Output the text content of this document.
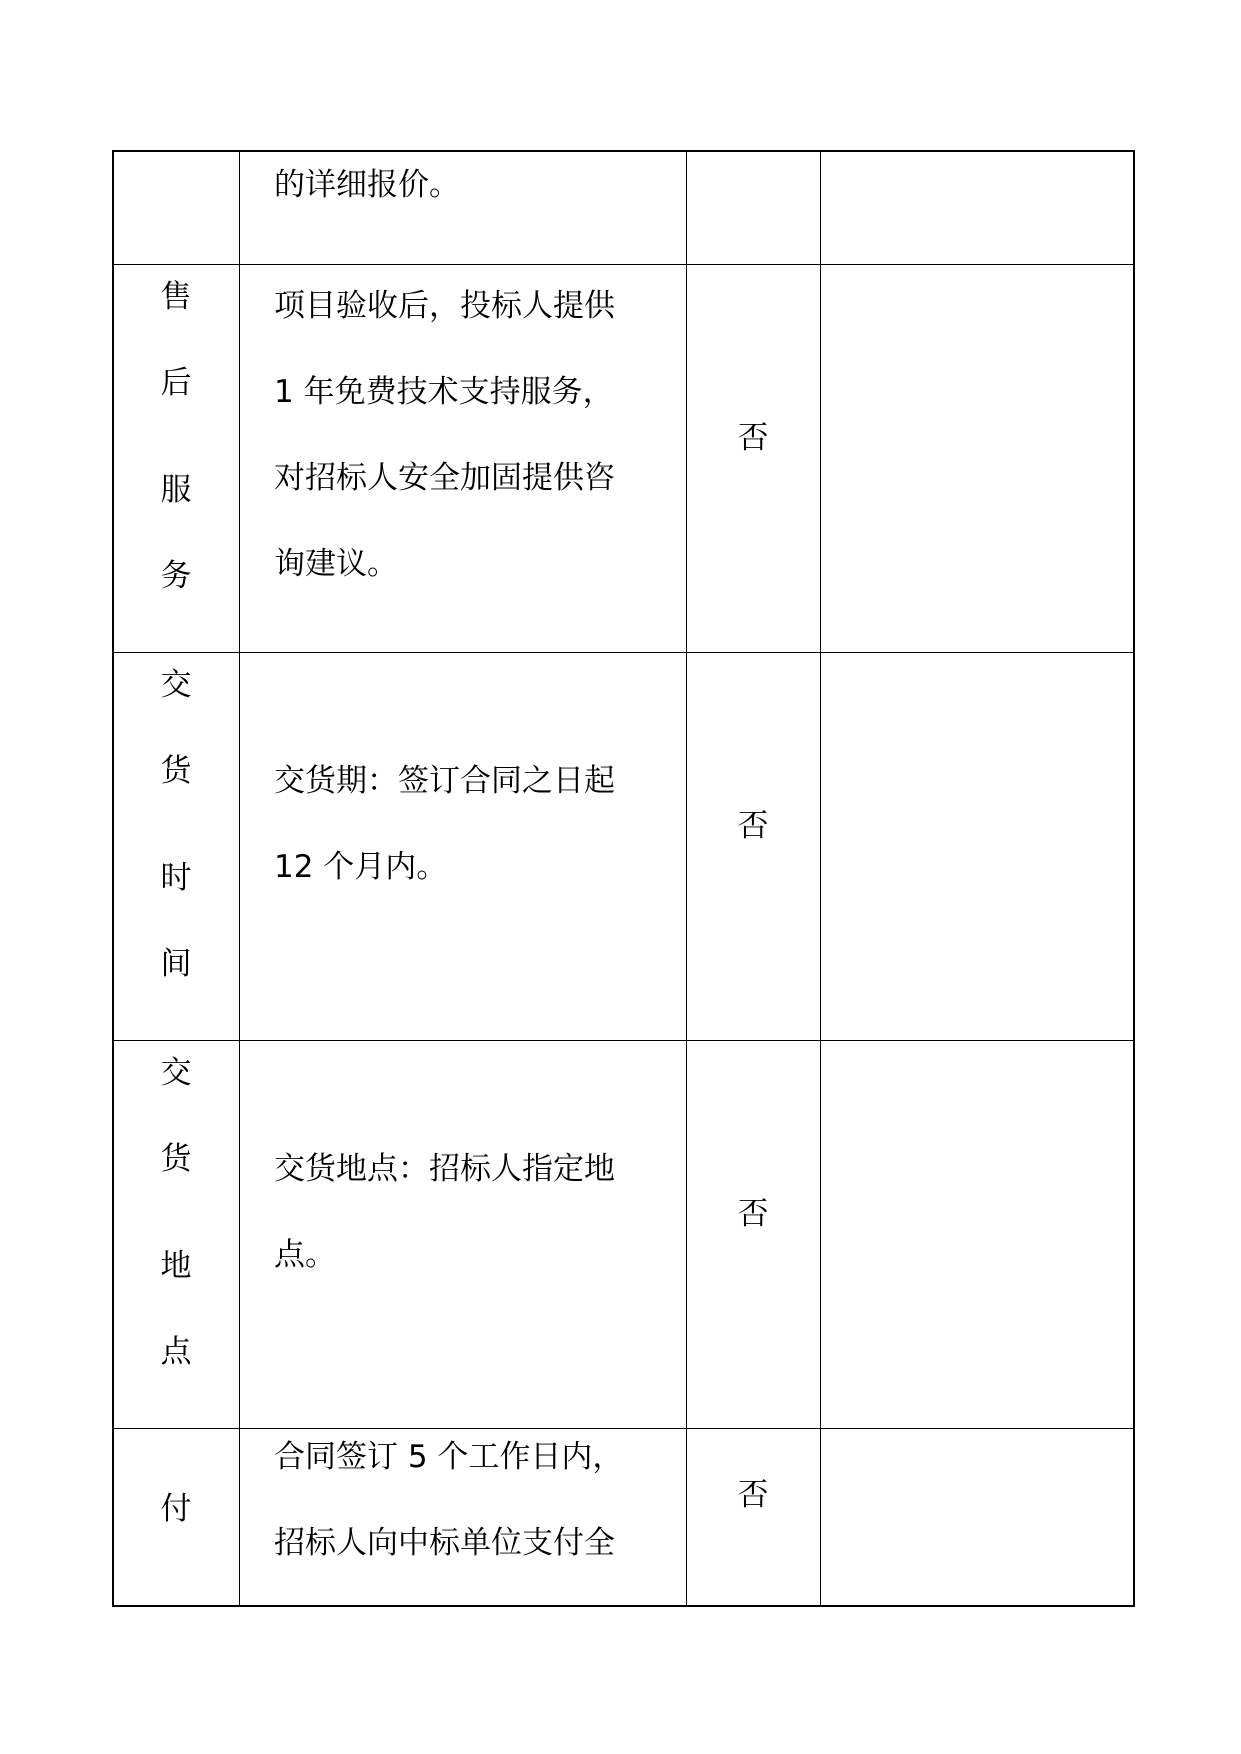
的详细报价。
售
后
服
务
项目验收后，投标人提供
1 年免费技术支持服务，
对招标人安全加固提供咨
询建议。
否
交
货
时
间
交货期：签订合同之日起
12 个月内。
否
交
货
地
点
交货地点：招标人指定地
点。
否
付
合同签订 5 个工作日内，
招标人向中标单位支付全
否
